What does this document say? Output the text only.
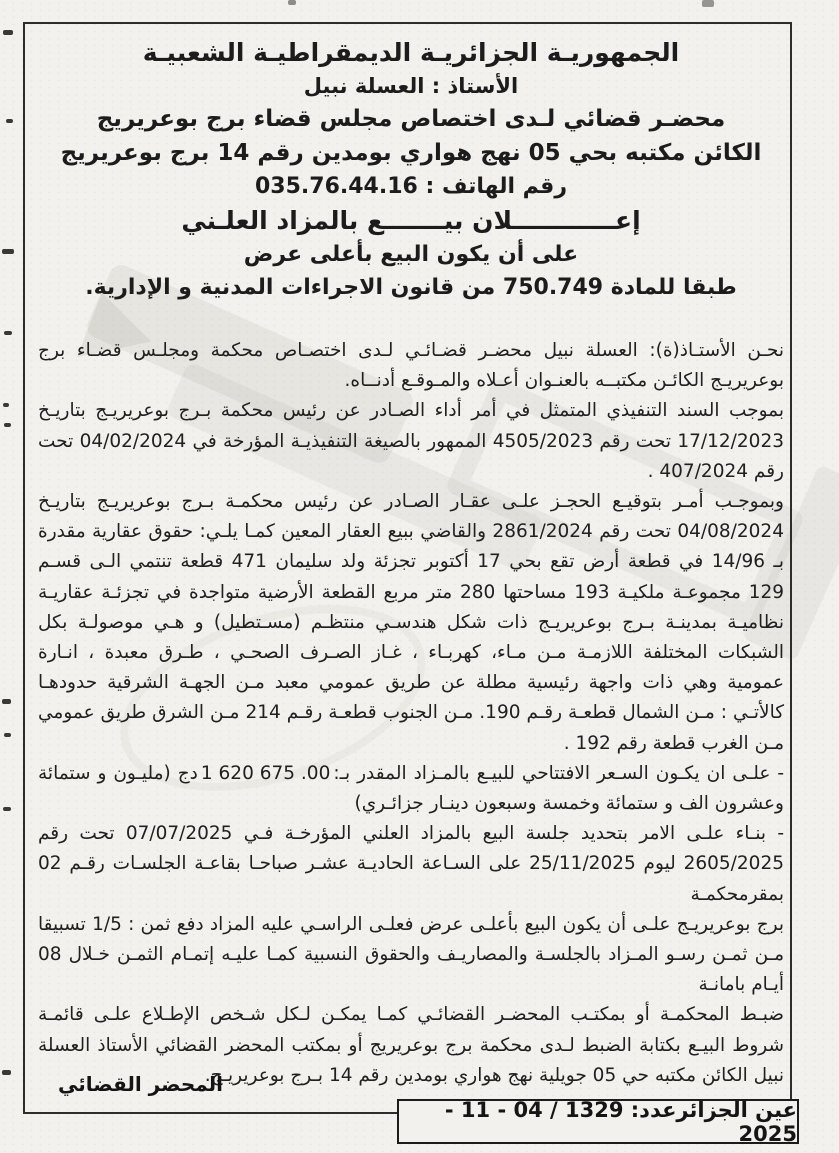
الجمهوريـة الجزائريـة الديمقراطيـة الشعبيـة
الأستاذ : العسلة نبيل
محضـر قضائي لـدى اختصاص مجلس قضاء برج بوعريريج
الكائن مكتبه بحي 05 نهج هواري بومدين رقم 14 برج بوعريريج
رقم الهاتف : 035.76.44.16
إعــــــــــــلان بيـــــــع بالمزاد العلـني
على أن يكون البيع بأعلى عرض
طبقا للمادة 750.749 من قانون الاجراءات المدنية و الإدارية.

نحـن الأستـاذ(ة): العسلة نبيل محضـر قضـائـي لـدى اختصـاص محكمة ومجلـس قضـاء برج بوعريريـج الكائـن مكتبــه بالعنـوان أعـلاه والمـوقـع أدنــاه.

بموجب السند التنفيذي المتمثل في أمر أداء الصـادر عن رئيس محكمة بـرج بوعريريـج بتاريـخ 17/12/2023 تحت رقم 4505/2023 الممهور بالصيغة التنفيذيـة المؤرخة في 04/02/2024 تحت رقم 407/2024 .

وبموجـب أمـر بتوقيـع الحجـز علـى عقـار الصـادر عن رئيس محكمـة بـرج بوعريريـج بتاريـخ 04/08/2024 تحت رقم 2861/2024 والقاضي ببيع العقار المعين كمـا يلـي: حقوق عقارية مقدرة بـ 14/96 في قطعة أرض تقع بحي 17 أكتوبر تجزئة ولد سليمان 471 قطعة تنتمي الـى قسـم 129 مجموعـة ملكيـة 193 مساحتها 280 متر مربع القطعة الأرضية متواجدة في تجزئـة عقاريـة نظاميـة بمدينـة بـرج بوعريريـج ذات شكل هندسـي منتظـم (مسـتطيل) و هـي موصولـة بكل الشبكات المختلفة اللازمـة مـن مـاء، كهربـاء ، غـاز الصـرف الصحـي ، طـرق معبدة ، انـارة عمومية وهي ذات واجهة رئيسية مطلة عن طريق عمومي معبد مـن الجهـة الشرقية حدودهـا كالأتـي : مـن الشمال قطعـة رقـم 190. مـن الجنوب قطعـة رقـم 214 مـن الشرق طريق عمومي مـن الغرب قطعة رقم 192 .

- علـى ان يكـون السـعر الافتتاحي للبيـع بالمـزاد المقدر بـ:1 620 675 .00دج (مليـون و ستمائة وعشرون الف و ستمائة وخمسة وسبعون دينـار جزائـري)

- بنـاء علـى الامر بتحديد جلسة البيع بالمزاد العلني المؤرخـة فـي 07/07/2025 تحت رقم 2605/2025 ليوم 25/11/2025 على السـاعة الحاديـة عشـر صباحـا بقاعـة الجلسـات رقـم 02 بمقرمحكمـة

برج بوعريريـج علـى أن يكون البيع بأعلـى عرض فعلـى الراسـي عليه المزاد دفع ثمن : 1/5 تسبيقا مـن ثمـن رسـو المـزاد بالجلسـة والمصاريـف والحقوق النسبية كمـا عليـه إتمـام الثمـن خـلال 08 أيـام بامانـة

ضبـط المحكمـة أو بمكتـب المحضـر القضائـي كمـا يمكـن لـكل شـخص الإطـلاع علـى قائمـة شروط البيـع بكتابة الضبط لـدى محكمة برج بوعريريج أو بمكتب المحضر القضائي الأستاذ العسلة نبيل الكائن مكتبه حي 05 جويلية نهج هواري بومدين رقم 14 بـرج بوعريريـج.

المحضر القضائي
عين الجزائرعدد: 1329 / 04 - 11 - 2025
